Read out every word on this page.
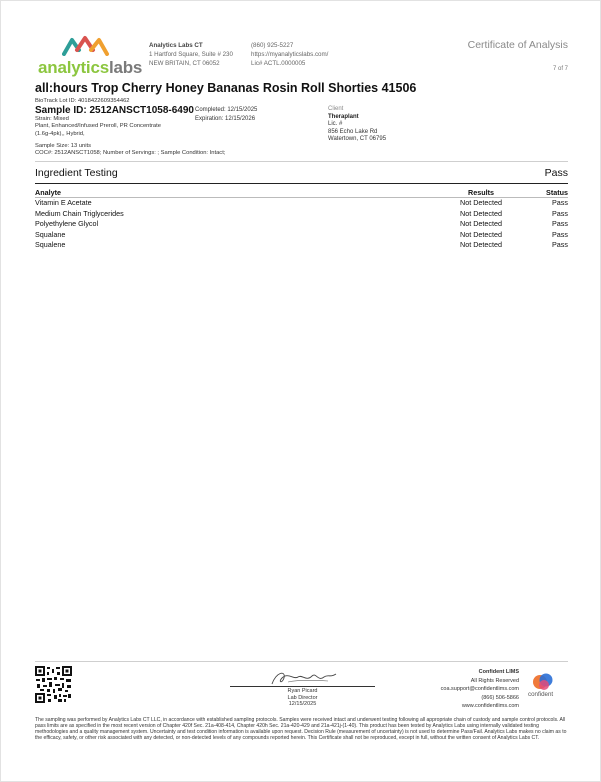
analyticslabs
Analytics Labs CT
1 Hartford Square, Suite # 230
NEW BRITAIN, CT 06052
(860) 925-5227
https://myanalyticslabs.com/
Lic# ACTL.0000005
Certificate of Analysis
7 of 7
all:hours Trop Cherry Honey Bananas Rosin Roll Shorties 41506
BioTrack Lot ID: 4018422609354462
Sample ID: 2512ANSCT1058-6490
Strain: Mixed
Plant, Enhanced/Infused Preroll, PR Concentrate
(1.6g-4pk),, Hybrid,
Sample Size: 13 units
COC#: 2512ANSCT1058; Number of Servings: ; Sample Condition: Intact;
Completed: 12/15/2025
Expiration: 12/15/2026
Client
Theraplant
Lic. #
856 Echo Lake Rd
Watertown, CT 06795
Ingredient Testing	Pass
Analyte	Results	Status
Vitamin E Acetate	Not Detected	Pass
Medium Chain Triglycerides	Not Detected	Pass
Polyethylene Glycol	Not Detected	Pass
Squalane	Not Detected	Pass
Squalene	Not Detected	Pass
Ryan Picard
Lab Director
12/15/2025
Confident LIMS
All Rights Reserved
coa.support@confidentlims.com
(866) 506-5866
www.confidentlims.com
confident
The sampling was performed by Analytics Labs CT LLC, in accordance with established sampling protocols. Samples were received intact and underwent testing following all appropriate chain of custody and sample control protocols. All pass limits are as specified in the most recent version of Chapter 420f Sec. 21a-408-414, Chapter 420h Sec. 21a-420-429 and 21a-421j-(1-40). This product has been tested by Analytics Labs using internally validated testing methodologies and a quality management system. Uncertainty and test condition information is available upon request. Decision Rule (measurement of uncertainty) is not used to determine Pass/Fail. Analytics Labs makes no claim as to the efficacy, safety, or other risk associated with any detected, or non-detected levels of any compounds reported herein. This Certificate shall not be reproduced, except in full, without the written consent of Analytics Labs CT.
